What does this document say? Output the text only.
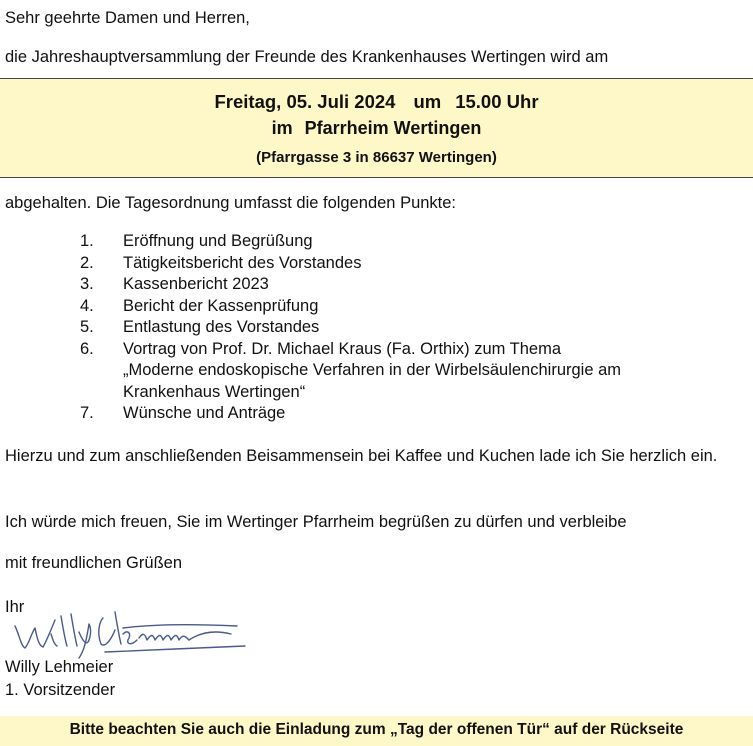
Sehr geehrte Damen und Herren,

die Jahreshauptversammlung der Freunde des Krankenhauses Wertingen wird am

Freitag, 05. Juli 2024 um 15.00 Uhr
im Pfarrheim Wertingen
(Pfarrgasse 3 in 86637 Wertingen)

abgehalten. Die Tagesordnung umfasst die folgenden Punkte:

1. Eröffnung und Begrüßung
2. Tätigkeitsbericht des Vorstandes
3. Kassenbericht 2023
4. Bericht der Kassenprüfung
5. Entlastung des Vorstandes
6. Vortrag von Prof. Dr. Michael Kraus (Fa. Orthix) zum Thema
„Moderne endoskopische Verfahren in der Wirbelsäulenchirurgie am
Krankenhaus Wertingen“
7. Wünsche und Anträge

Hierzu und zum anschließenden Beisammensein bei Kaffee und Kuchen lade ich Sie herzlich ein.

Ich würde mich freuen, Sie im Wertinger Pfarrheim begrüßen zu dürfen und verbleibe

mit freundlichen Grüßen

Ihr

Willy Lehmeier

1. Vorsitzender

Bitte beachten Sie auch die Einladung zum „Tag der offenen Tür“ auf der Rückseite
